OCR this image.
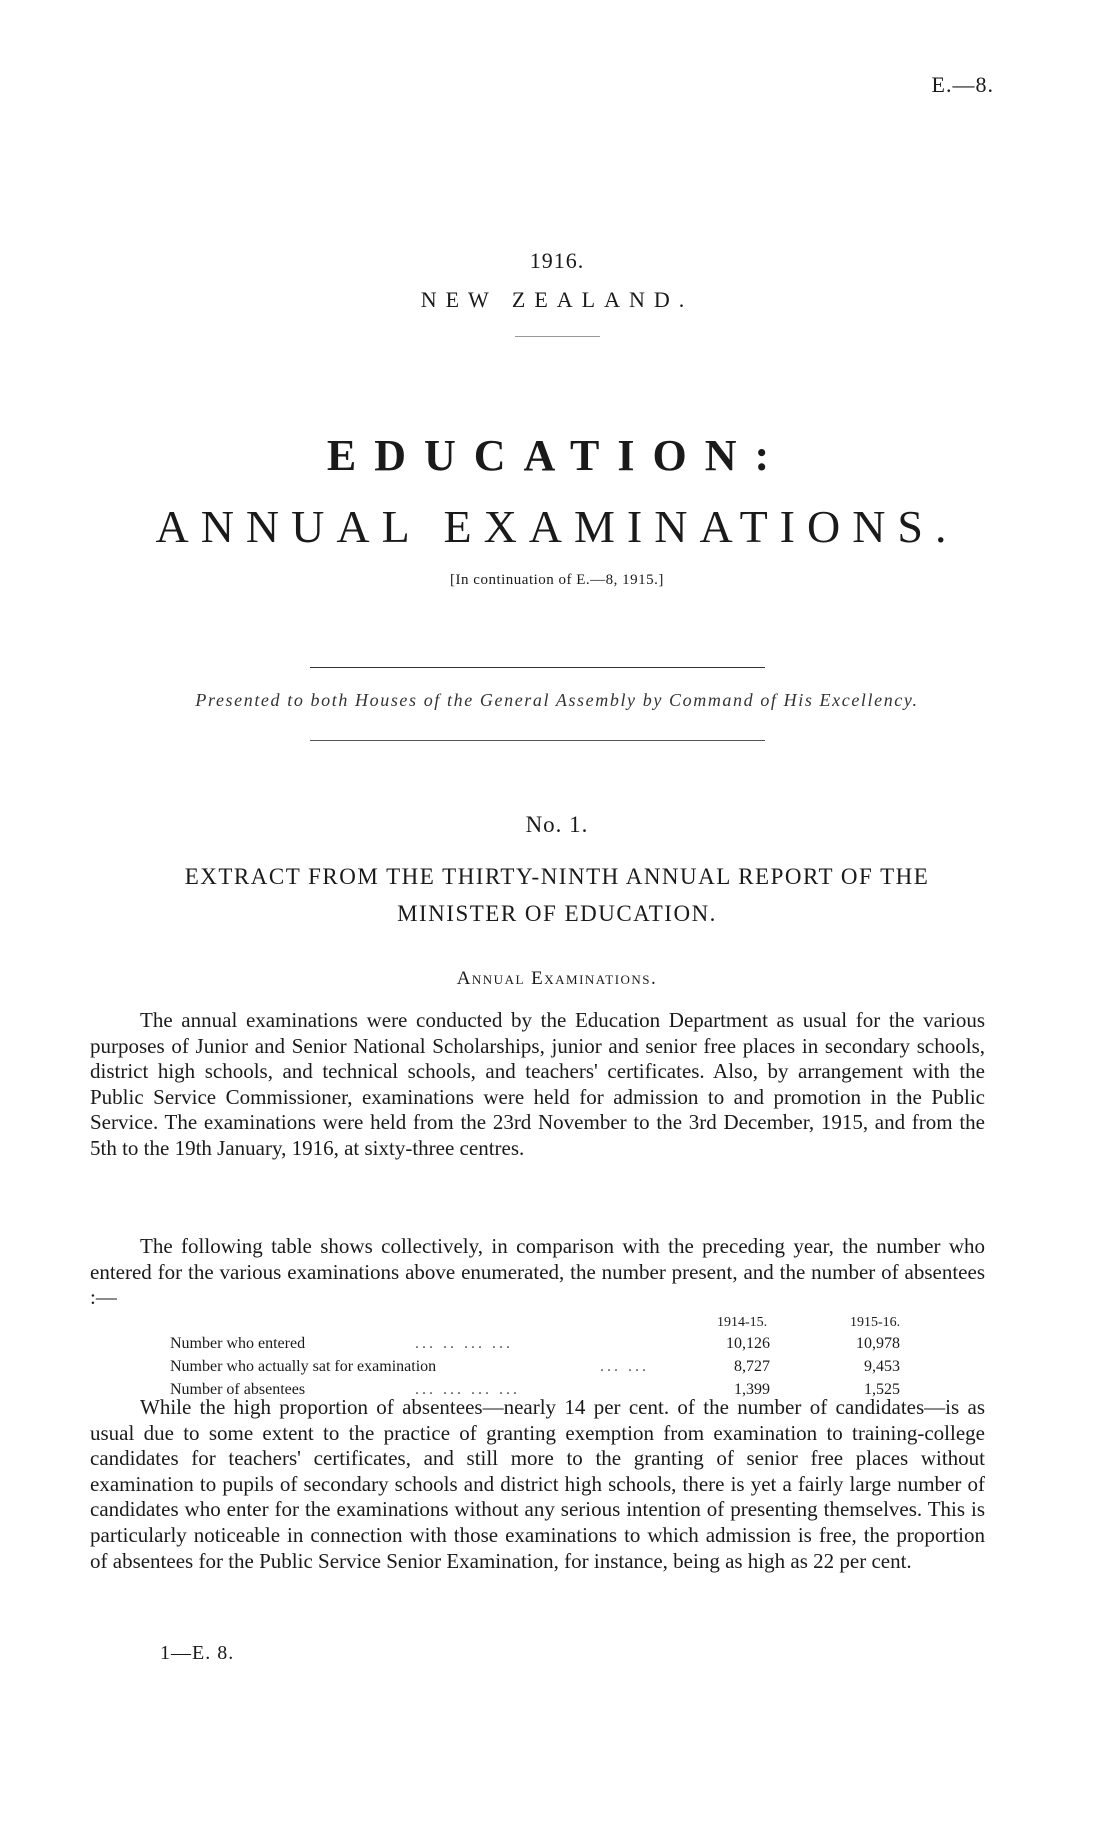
E.—8.
1916.
NEW ZEALAND.
EDUCATION:
ANNUAL EXAMINATIONS.
[In continuation of E.—8, 1915.]
Presented to both Houses of the General Assembly by Command of His Excellency.
No. 1.
EXTRACT FROM THE THIRTY-NINTH ANNUAL REPORT OF THE
MINISTER OF EDUCATION.
Annual Examinations.

The annual examinations were conducted by the Education Department as usual for the various purposes of Junior and Senior National Scholarships, junior and senior free places in secondary schools, district high schools, and technical schools, and teachers' certificates. Also, by arrangement with the Public Service Commissioner, examinations were held for admission to and promotion in the Public Service. The examinations were held from the 23rd November to the 3rd December, 1915, and from the 5th to the 19th January, 1916, at sixty-three centres.

The following table shows collectively, in comparison with the preceding year, the number who entered for the various examinations above enumerated, the number present, and the number of absentees :—

1914-15.	1915-16.
Number who entered	... .. ... ...	10,126	10,978
Number who actually sat for examination	... ...	8,727	9,453
Number of absentees	... ... ... ...	1,399	1,525

While the high proportion of absentees—nearly 14 per cent. of the number of candidates—is as usual due to some extent to the practice of granting exemption from examination to training-college candidates for teachers' certificates, and still more to the granting of senior free places without examination to pupils of secondary schools and district high schools, there is yet a fairly large number of candidates who enter for the examinations without any serious intention of presenting themselves. This is particularly noticeable in connection with those examinations to which admission is free, the proportion of absentees for the Public Service Senior Examination, for instance, being as high as 22 per cent.

1—E. 8.
